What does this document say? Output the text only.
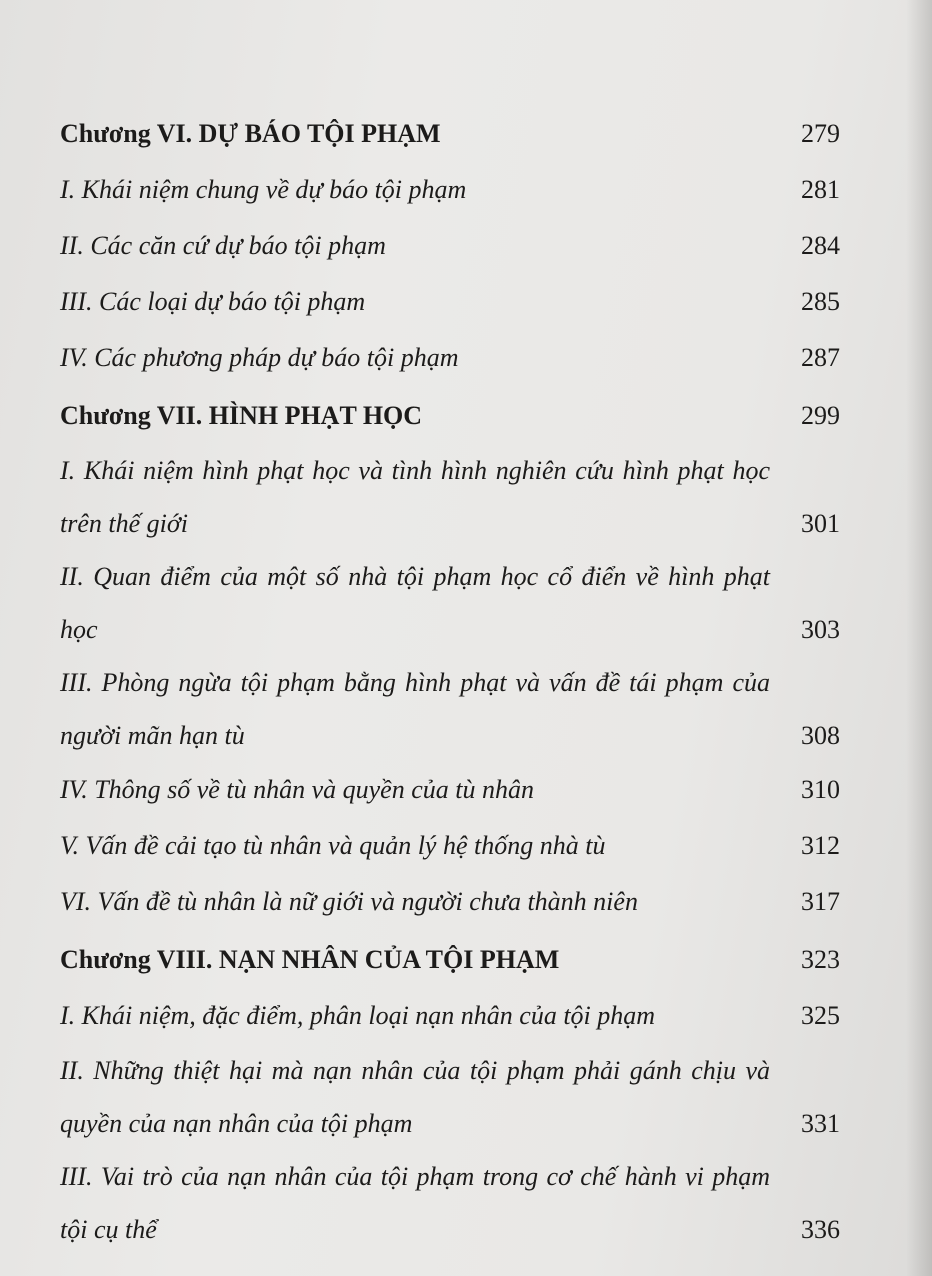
Chương VI. DỰ BÁO TỘI PHẠM	279
I. Khái niệm chung về dự báo tội phạm	281
II. Các căn cứ dự báo tội phạm	284
III. Các loại dự báo tội phạm	285
IV. Các phương pháp dự báo tội phạm	287
Chương VII. HÌNH PHẠT HỌC	299
I. Khái niệm hình phạt học và tình hình nghiên cứu hình phạt học trên thế giới	301
II. Quan điểm của một số nhà tội phạm học cổ điển về hình phạt học	303
III. Phòng ngừa tội phạm bằng hình phạt và vấn đề tái phạm của người mãn hạn tù	308
IV. Thông số về tù nhân và quyền của tù nhân	310
V. Vấn đề cải tạo tù nhân và quản lý hệ thống nhà tù	312
VI. Vấn đề tù nhân là nữ giới và người chưa thành niên	317
Chương VIII. NẠN NHÂN CỦA TỘI PHẠM	323
I. Khái niệm, đặc điểm, phân loại nạn nhân của tội phạm	325
II. Những thiệt hại mà nạn nhân của tội phạm phải gánh chịu và quyền của nạn nhân của tội phạm	331
III. Vai trò của nạn nhân của tội phạm trong cơ chế hành vi phạm tội cụ thể	336
